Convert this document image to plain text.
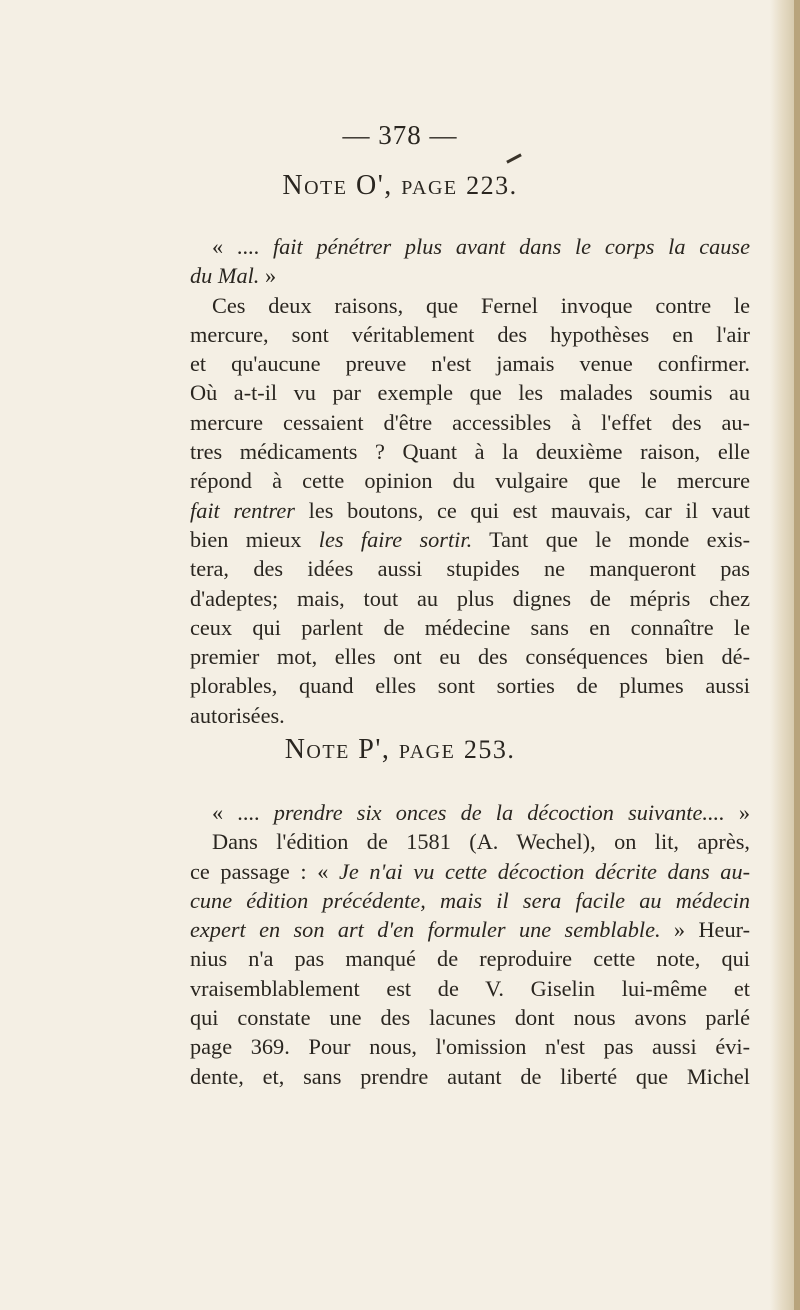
— 378 —
Note O', page 223.
« .... fait pénétrer plus avant dans le corps la cause
du Mal. »
Ces deux raisons, que Fernel invoque contre le
mercure, sont véritablement des hypothèses en l'air
et qu'aucune preuve n'est jamais venue confirmer.
Où a-t-il vu par exemple que les malades soumis au
mercure cessaient d'être accessibles à l'effet des au-
tres médicaments ? Quant à la deuxième raison, elle
répond à cette opinion du vulgaire que le mercure
fait rentrer les boutons, ce qui est mauvais, car il vaut
bien mieux les faire sortir. Tant que le monde exis-
tera, des idées aussi stupides ne manqueront pas
d'adeptes; mais, tout au plus dignes de mépris chez
ceux qui parlent de médecine sans en connaître le
premier mot, elles ont eu des conséquences bien dé-
plorables, quand elles sont sorties de plumes aussi
autorisées.
Note P', page 253.
« .... prendre six onces de la décoction suivante.... »
Dans l'édition de 1581 (A. Wechel), on lit, après,
ce passage : « Je n'ai vu cette décoction décrite dans au-
cune édition précédente, mais il sera facile au médecin
expert en son art d'en formuler une semblable. » Heur-
nius n'a pas manqué de reproduire cette note, qui
vraisemblablement est de V. Giselin lui-même et
qui constate une des lacunes dont nous avons parlé
page 369. Pour nous, l'omission n'est pas aussi évi-
dente, et, sans prendre autant de liberté que Michel
